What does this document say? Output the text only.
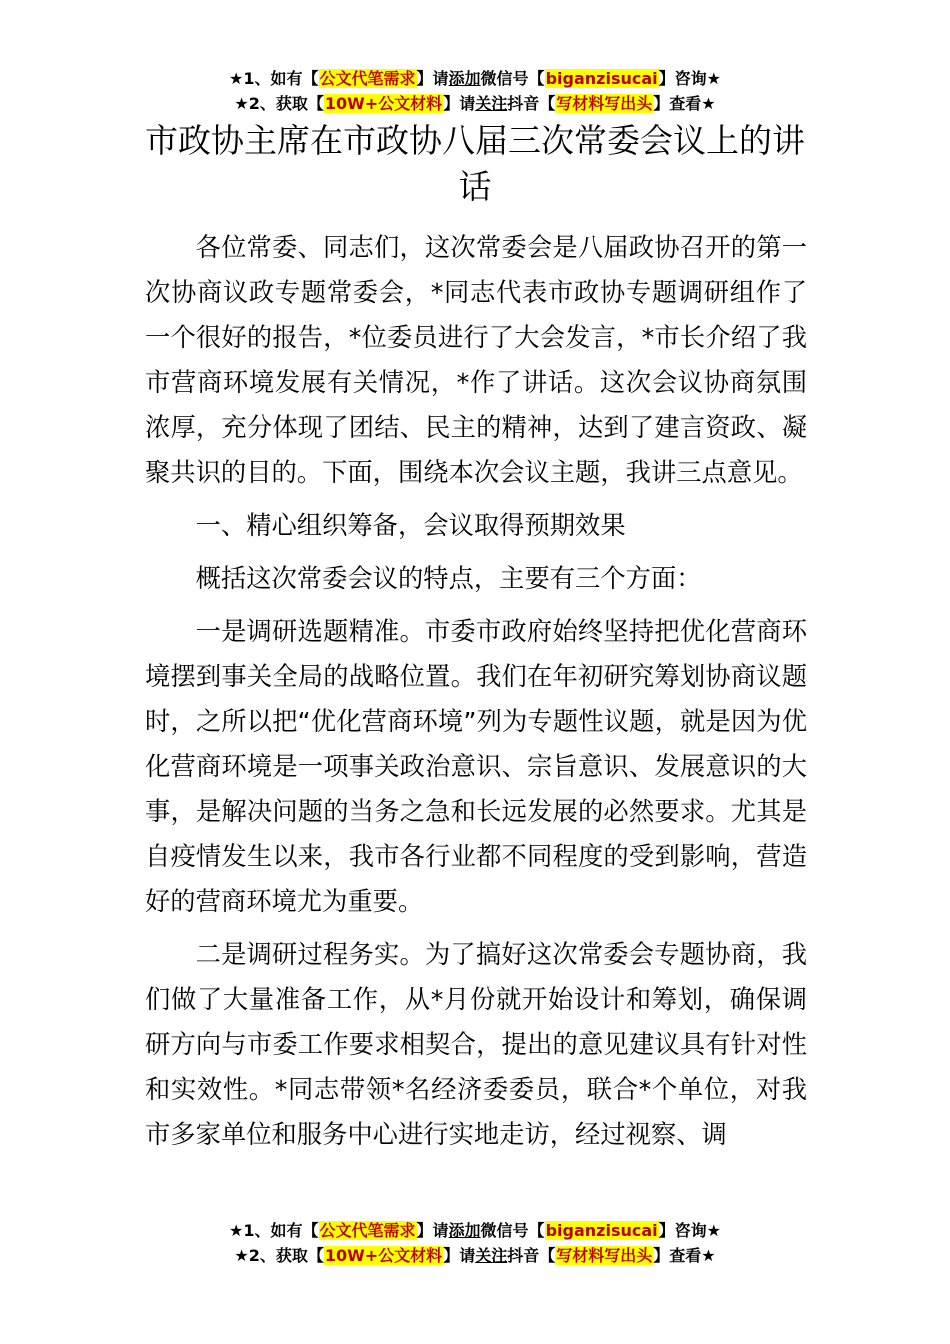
★1、如有【公文代笔需求】请添加微信号【biganzisucai】咨询★
★2、获取【10W+公文材料】请关注抖音【写材料写出头】查看★
市政协主席在市政协八届三次常委会议上的讲话

各位常委、同志们，这次常委会是八届政协召开的第一次协商议政专题常委会，*同志代表市政协专题调研组作了一个很好的报告，*位委员进行了大会发言，*市长介绍了我市营商环境发展有关情况，*作了讲话。这次会议协商氛围浓厚，充分体现了团结、民主的精神，达到了建言资政、凝聚共识的目的。下面，围绕本次会议主题，我讲三点意见。

一、精心组织筹备，会议取得预期效果

概括这次常委会议的特点，主要有三个方面：

一是调研选题精准。市委市政府始终坚持把优化营商环境摆到事关全局的战略位置。我们在年初研究筹划协商议题时，之所以把“优化营商环境”列为专题性议题，就是因为优化营商环境是一项事关政治意识、宗旨意识、发展意识的大事，是解决问题的当务之急和长远发展的必然要求。尤其是自疫情发生以来，我市各行业都不同程度的受到影响，营造好的营商环境尤为重要。

二是调研过程务实。为了搞好这次常委会专题协商，我们做了大量准备工作，从*月份就开始设计和筹划，确保调研方向与市委工作要求相契合，提出的意见建议具有针对性和实效性。*同志带领*名经济委委员，联合*个单位，对我市多家单位和服务中心进行实地走访，经过视察、调

★1、如有【公文代笔需求】请添加微信号【biganzisucai】咨询★
★2、获取【10W+公文材料】请关注抖音【写材料写出头】查看★
